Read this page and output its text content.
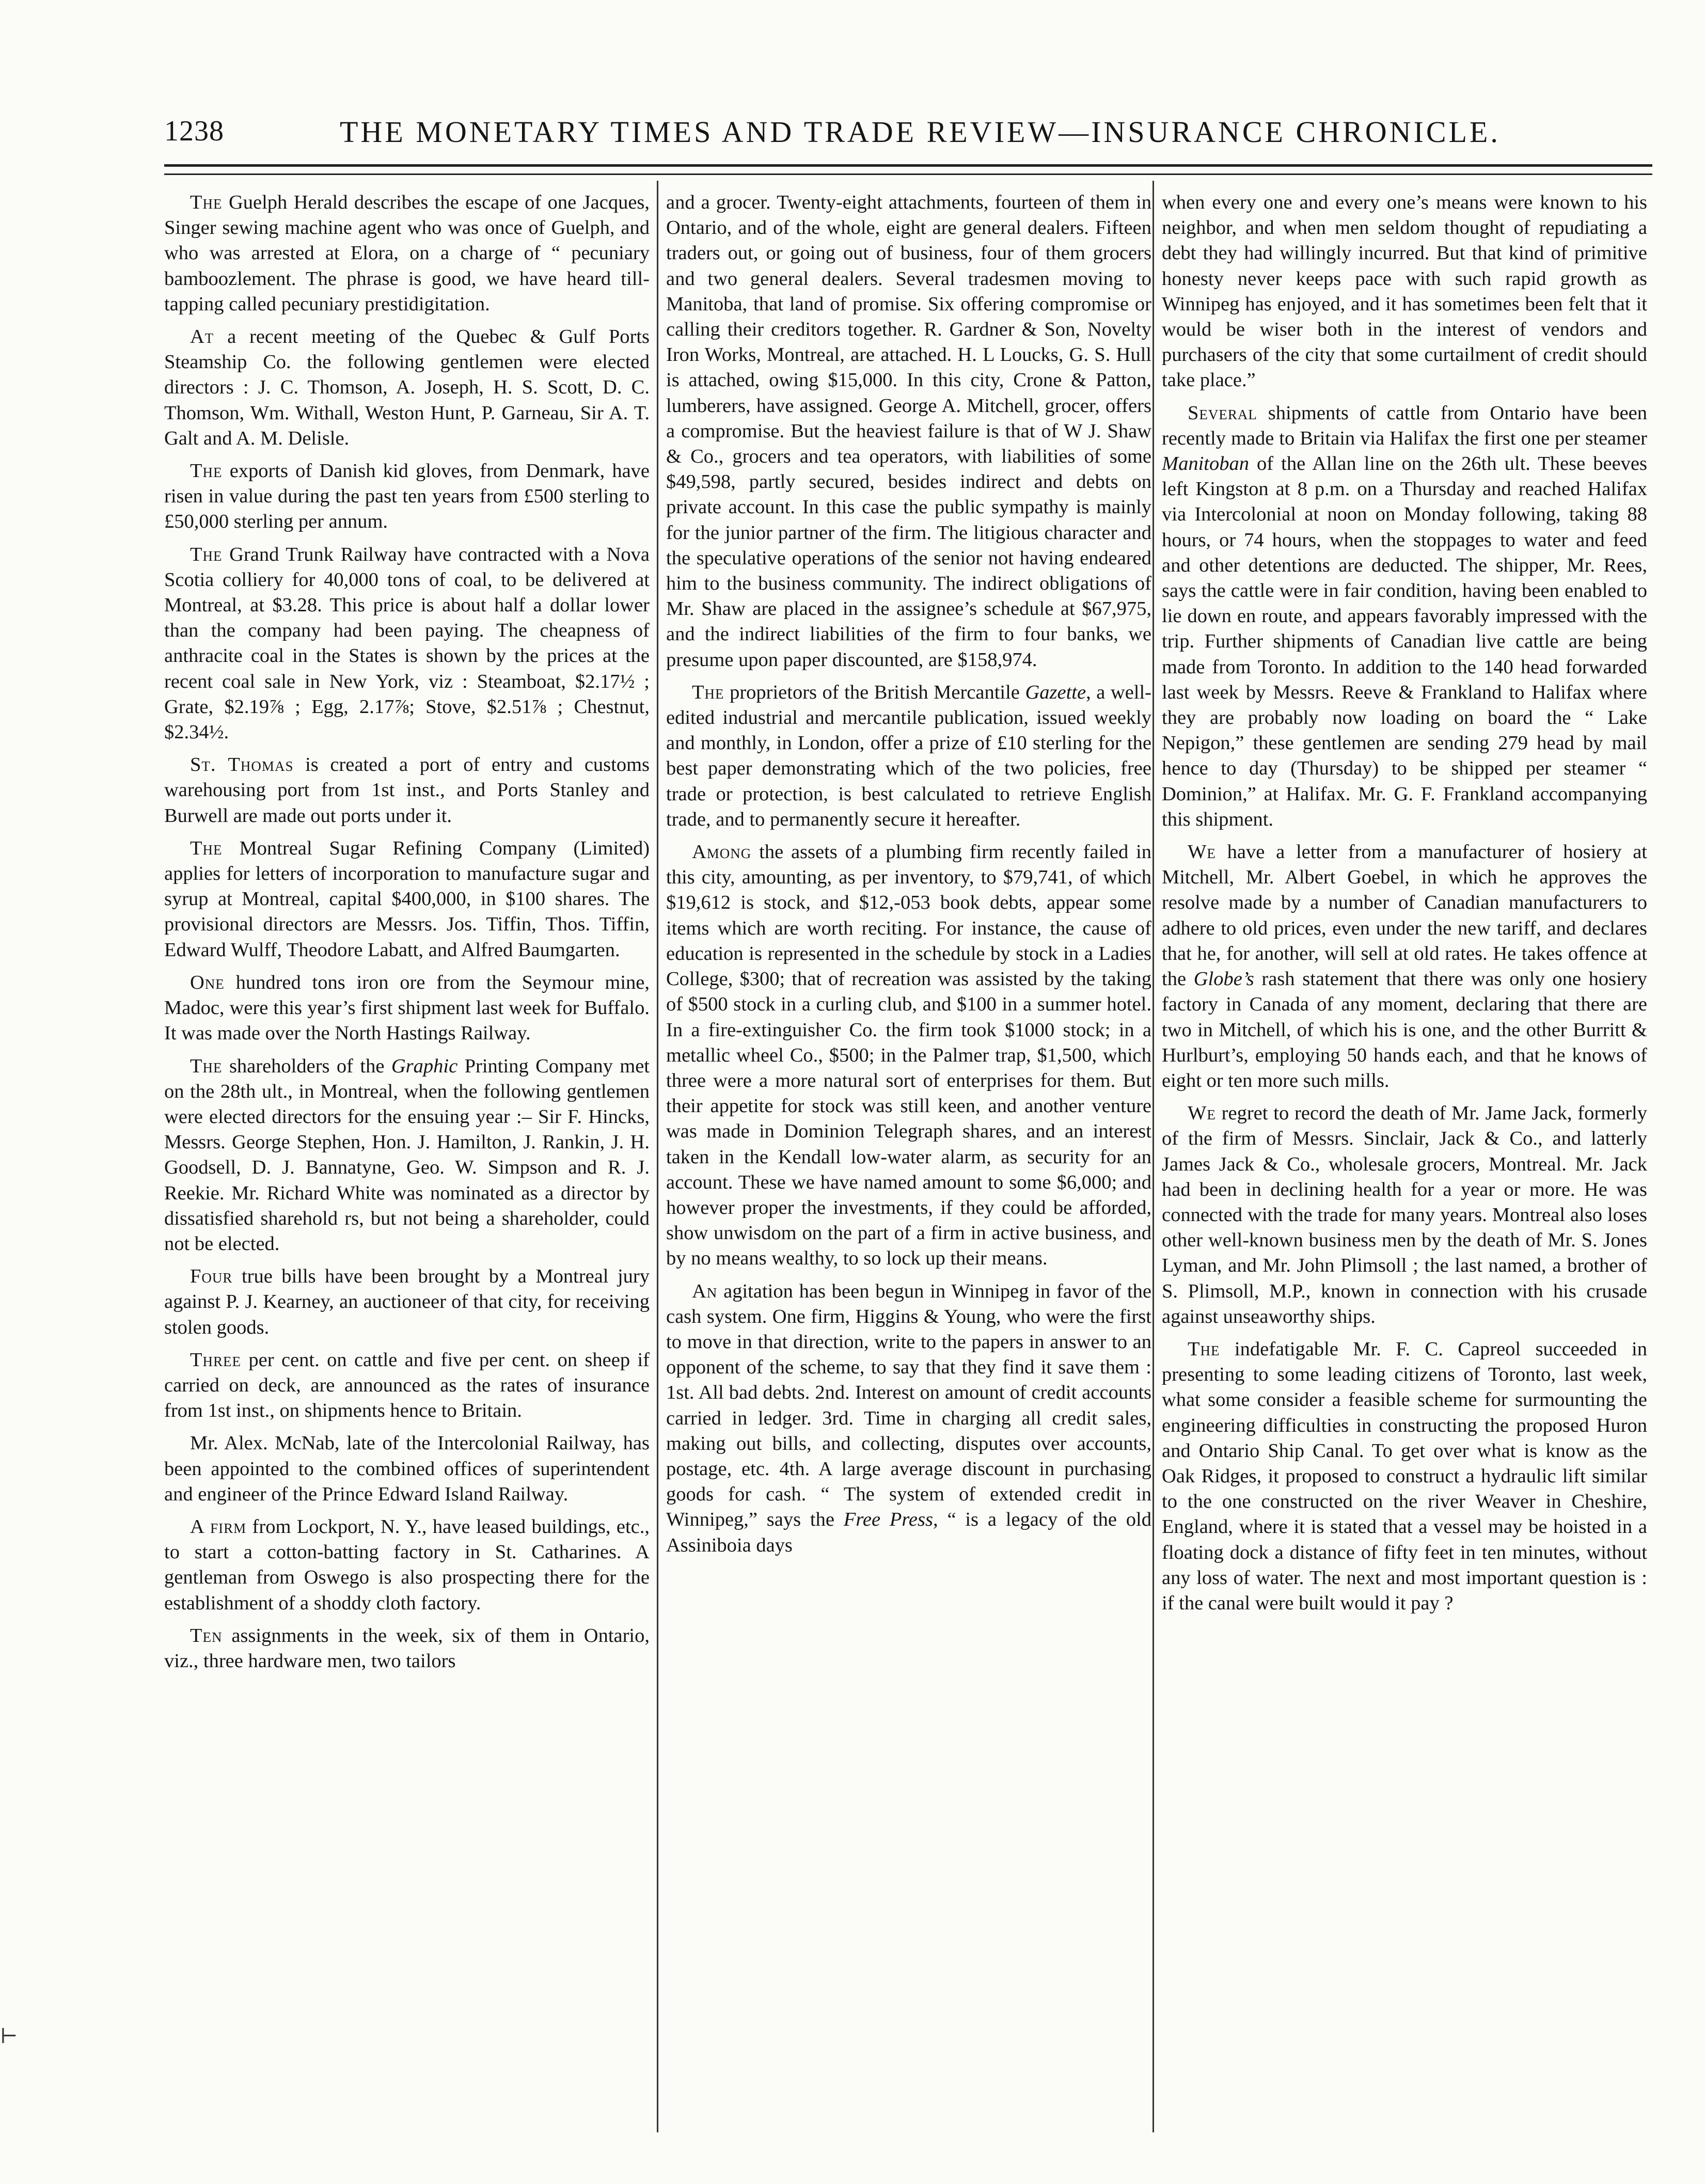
1238	THE MONETARY TIMES AND TRADE REVIEW—INSURANCE CHRONICLE.

The Guelph Herald describes the escape of one Jacques, Singer sewing machine agent who was once of Guelph, and who was arrested at Elora, on a charge of “ pecuniary bamboozlement. The phrase is good, we have heard till-tapping called pecuniary prestidigitation.

At a recent meeting of the Quebec & Gulf Ports Steamship Co. the following gentlemen were elected directors : J. C. Thomson, A. Joseph, H. S. Scott, D. C. Thomson, Wm. Withall, Weston Hunt, P. Garneau, Sir A. T. Galt and A. M. Delisle.

The exports of Danish kid gloves, from Denmark, have risen in value during the past ten years from £500 sterling to £50,000 sterling per annum.

The Grand Trunk Railway have contracted with a Nova Scotia colliery for 40,000 tons of coal, to be delivered at Montreal, at $3.28. This price is about half a dollar lower than the company had been paying. The cheapness of anthracite coal in the States is shown by the prices at the recent coal sale in New York, viz : Steamboat, $2.17½ ; Grate, $2.19⅞ ; Egg, 2.17⅞; Stove, $2.51⅞ ; Chestnut, $2.34½.

St. Thomas is created a port of entry and customs warehousing port from 1st inst., and Ports Stanley and Burwell are made out ports under it.

The Montreal Sugar Refining Company (Limited) applies for letters of incorporation to manufacture sugar and syrup at Montreal, capital $400,000, in $100 shares. The provisional directors are Messrs. Jos. Tiffin, Thos. Tiffin, Edward Wulff, Theodore Labatt, and Alfred Baumgarten.

One hundred tons iron ore from the Seymour mine, Madoc, were this year’s first shipment last week for Buffalo. It was made over the North Hastings Railway.

The shareholders of the Graphic Printing Company met on the 28th ult., in Montreal, when the following gentlemen were elected directors for the ensuing year :– Sir F. Hincks, Messrs. George Stephen, Hon. J. Hamilton, J. Rankin, J. H. Goodsell, D. J. Bannatyne, Geo. W. Simpson and R. J. Reekie. Mr. Richard White was nominated as a director by dissatisfied sharehold rs, but not being a shareholder, could not be elected.

Four true bills have been brought by a Montreal jury against P. J. Kearney, an auctioneer of that city, for receiving stolen goods.

Three per cent. on cattle and five per cent. on sheep if carried on deck, are announced as the rates of insurance from 1st inst., on shipments hence to Britain.

Mr. Alex. McNab, late of the Intercolonial Railway, has been appointed to the combined offices of superintendent and engineer of the Prince Edward Island Railway.

A firm from Lockport, N. Y., have leased buildings, etc., to start a cotton-batting factory in St. Catharines. A gentleman from Oswego is also prospecting there for the establishment of a shoddy cloth factory.

Ten assignments in the week, six of them in Ontario, viz., three hardware men, two tailors

and a grocer. Twenty-eight attachments, fourteen of them in Ontario, and of the whole, eight are general dealers. Fifteen traders out, or going out of business, four of them grocers and two general dealers. Several tradesmen moving to Manitoba, that land of promise. Six offering compromise or calling their creditors together. R. Gardner & Son, Novelty Iron Works, Montreal, are attached. H. L Loucks, G. S. Hull is attached, owing $15,000. In this city, Crone & Patton, lumberers, have assigned. George A. Mitchell, grocer, offers a compromise. But the heaviest failure is that of W J. Shaw & Co., grocers and tea operators, with liabilities of some $49,598, partly secured, besides indirect and debts on private account. In this case the public sympathy is mainly for the junior partner of the firm. The litigious character and the speculative operations of the senior not having endeared him to the business community. The indirect obligations of Mr. Shaw are placed in the assignee’s schedule at $67,975, and the indirect liabilities of the firm to four banks, we presume upon paper discounted, are $158,974.

The proprietors of the British Mercantile Gazette, a well-edited industrial and mercantile publication, issued weekly and monthly, in London, offer a prize of £10 sterling for the best paper demonstrating which of the two policies, free trade or protection, is best calculated to retrieve English trade, and to permanently secure it hereafter.

Among the assets of a plumbing firm recently failed in this city, amounting, as per inventory, to $79,741, of which $19,612 is stock, and $12,-053 book debts, appear some items which are worth reciting. For instance, the cause of education is represented in the schedule by stock in a Ladies College, $300; that of recreation was assisted by the taking of $500 stock in a curling club, and $100 in a summer hotel. In a fire-extinguisher Co. the firm took $1000 stock; in a metallic wheel Co., $500; in the Palmer trap, $1,500, which three were a more natural sort of enterprises for them. But their appetite for stock was still keen, and another venture was made in Dominion Telegraph shares, and an interest taken in the Kendall low-water alarm, as security for an account. These we have named amount to some $6,000; and however proper the investments, if they could be afforded, show unwisdom on the part of a firm in active business, and by no means wealthy, to so lock up their means.

An agitation has been begun in Winnipeg in favor of the cash system. One firm, Higgins & Young, who were the first to move in that direction, write to the papers in answer to an opponent of the scheme, to say that they find it save them : 1st. All bad debts. 2nd. Interest on amount of credit accounts carried in ledger. 3rd. Time in charging all credit sales, making out bills, and collecting, disputes over accounts, postage, etc. 4th. A large average discount in purchasing goods for cash. “ The system of extended credit in Winnipeg,” says the Free Press, “ is a legacy of the old Assiniboia days

when every one and every one’s means were known to his neighbor, and when men seldom thought of repudiating a debt they had willingly incurred. But that kind of primitive honesty never keeps pace with such rapid growth as Winnipeg has enjoyed, and it has sometimes been felt that it would be wiser both in the interest of vendors and purchasers of the city that some curtailment of credit should take place.”

Several shipments of cattle from Ontario have been recently made to Britain via Halifax the first one per steamer Manitoban of the Allan line on the 26th ult. These beeves left Kingston at 8 p.m. on a Thursday and reached Halifax via Intercolonial at noon on Monday following, taking 88 hours, or 74 hours, when the stoppages to water and feed and other detentions are deducted. The shipper, Mr. Rees, says the cattle were in fair condition, having been enabled to lie down en route, and appears favorably impressed with the trip. Further shipments of Canadian live cattle are being made from Toronto. In addition to the 140 head forwarded last week by Messrs. Reeve & Frankland to Halifax where they are probably now loading on board the “ Lake Nepigon,” these gentlemen are sending 279 head by mail hence to day (Thursday) to be shipped per steamer “ Dominion,” at Halifax. Mr. G. F. Frankland accompanying this shipment.

We have a letter from a manufacturer of hosiery at Mitchell, Mr. Albert Goebel, in which he approves the resolve made by a number of Canadian manufacturers to adhere to old prices, even under the new tariff, and declares that he, for another, will sell at old rates. He takes offence at the Globe’s rash statement that there was only one hosiery factory in Canada of any moment, declaring that there are two in Mitchell, of which his is one, and the other Burritt & Hurlburt’s, employing 50 hands each, and that he knows of eight or ten more such mills.

We regret to record the death of Mr. Jame Jack, formerly of the firm of Messrs. Sinclair, Jack & Co., and latterly James Jack & Co., wholesale grocers, Montreal. Mr. Jack had been in declining health for a year or more. He was connected with the trade for many years. Montreal also loses other well-known business men by the death of Mr. S. Jones Lyman, and Mr. John Plimsoll ; the last named, a brother of S. Plimsoll, M.P., known in connection with his crusade against unseaworthy ships.

The indefatigable Mr. F. C. Capreol succeeded in presenting to some leading citizens of Toronto, last week, what some consider a feasible scheme for surmounting the engineering difficulties in constructing the proposed Huron and Ontario Ship Canal. To get over what is know as the Oak Ridges, it proposed to construct a hydraulic lift similar to the one constructed on the river Weaver in Cheshire, England, where it is stated that a vessel may be hoisted in a floating dock a distance of fifty feet in ten minutes, without any loss of water. The next and most important question is : if the canal were built would it pay ?

⊢
